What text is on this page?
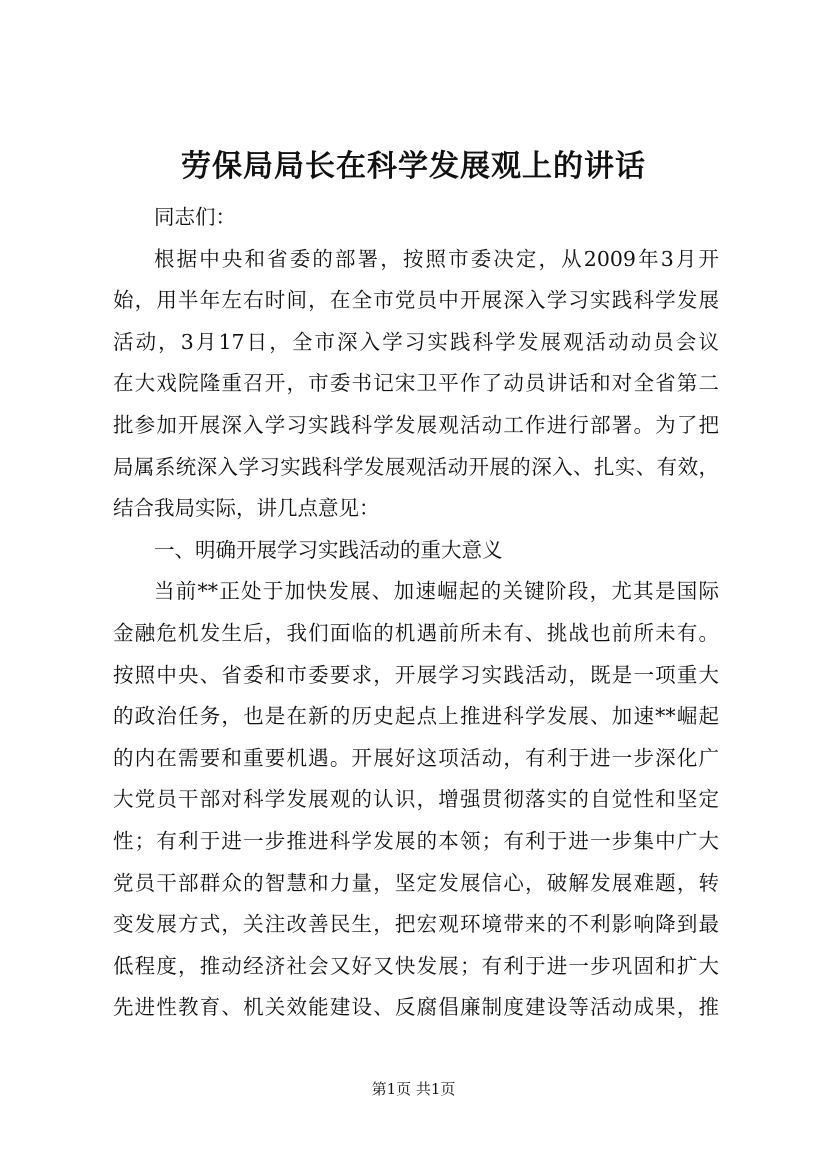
劳保局局长在科学发展观上的讲话
同志们：
根据中央和省委的部署，按照市委决定，从2009年3月开
始，用半年左右时间，在全市党员中开展深入学习实践科学发展
活动，3月17日，全市深入学习实践科学发展观活动动员会议
在大戏院隆重召开，市委书记宋卫平作了动员讲话和对全省第二
批参加开展深入学习实践科学发展观活动工作进行部署。为了把
局属系统深入学习实践科学发展观活动开展的深入、扎实、有效，
结合我局实际，讲几点意见：
一、明确开展学习实践活动的重大意义
当前**正处于加快发展、加速崛起的关键阶段，尤其是国际
金融危机发生后，我们面临的机遇前所未有、挑战也前所未有。
按照中央、省委和市委要求，开展学习实践活动，既是一项重大
的政治任务，也是在新的历史起点上推进科学发展、加速**崛起
的内在需要和重要机遇。开展好这项活动，有利于进一步深化广
大党员干部对科学发展观的认识，增强贯彻落实的自觉性和坚定
性；有利于进一步推进科学发展的本领；有利于进一步集中广大
党员干部群众的智慧和力量，坚定发展信心，破解发展难题，转
变发展方式，关注改善民生，把宏观环境带来的不利影响降到最
低程度，推动经济社会又好又快发展；有利于进一步巩固和扩大
先进性教育、机关效能建设、反腐倡廉制度建设等活动成果，推
第1页 共1页
